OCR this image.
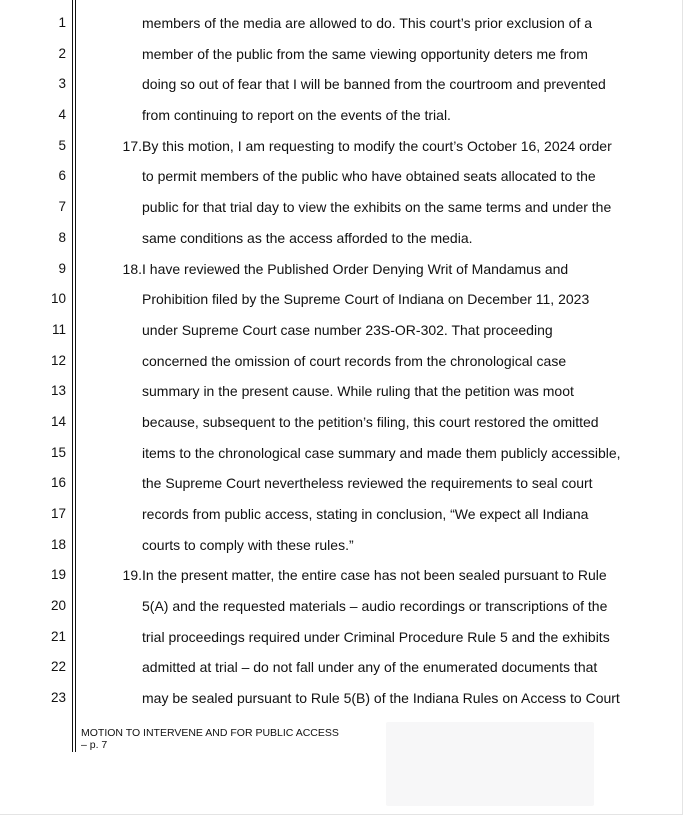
1
2
3
4
5
6
7
8
9
10
11
12
13
14
15
16
17
18
19
20
21
22
23
members of the media are allowed to do. This court’s prior exclusion of a
member of the public from the same viewing opportunity deters me from
doing so out of fear that I will be banned from the courtroom and prevented
from continuing to report on the events of the trial.
17. By this motion, I am requesting to modify the court’s October 16, 2024 order
to permit members of the public who have obtained seats allocated to the
public for that trial day to view the exhibits on the same terms and under the
same conditions as the access afforded to the media.
18. I have reviewed the Published Order Denying Writ of Mandamus and
Prohibition filed by the Supreme Court of Indiana on December 11, 2023
under Supreme Court case number 23S-OR-302. That proceeding
concerned the omission of court records from the chronological case
summary in the present cause. While ruling that the petition was moot
because, subsequent to the petition’s filing, this court restored the omitted
items to the chronological case summary and made them publicly accessible,
the Supreme Court nevertheless reviewed the requirements to seal court
records from public access, stating in conclusion, “We expect all Indiana
courts to comply with these rules.”
19. In the present matter, the entire case has not been sealed pursuant to Rule
5(A) and the requested materials – audio recordings or transcriptions of the
trial proceedings required under Criminal Procedure Rule 5 and the exhibits
admitted at trial – do not fall under any of the enumerated documents that
may be sealed pursuant to Rule 5(B) of the Indiana Rules on Access to Court
MOTION TO INTERVENE AND FOR PUBLIC ACCESS
– p. 7
